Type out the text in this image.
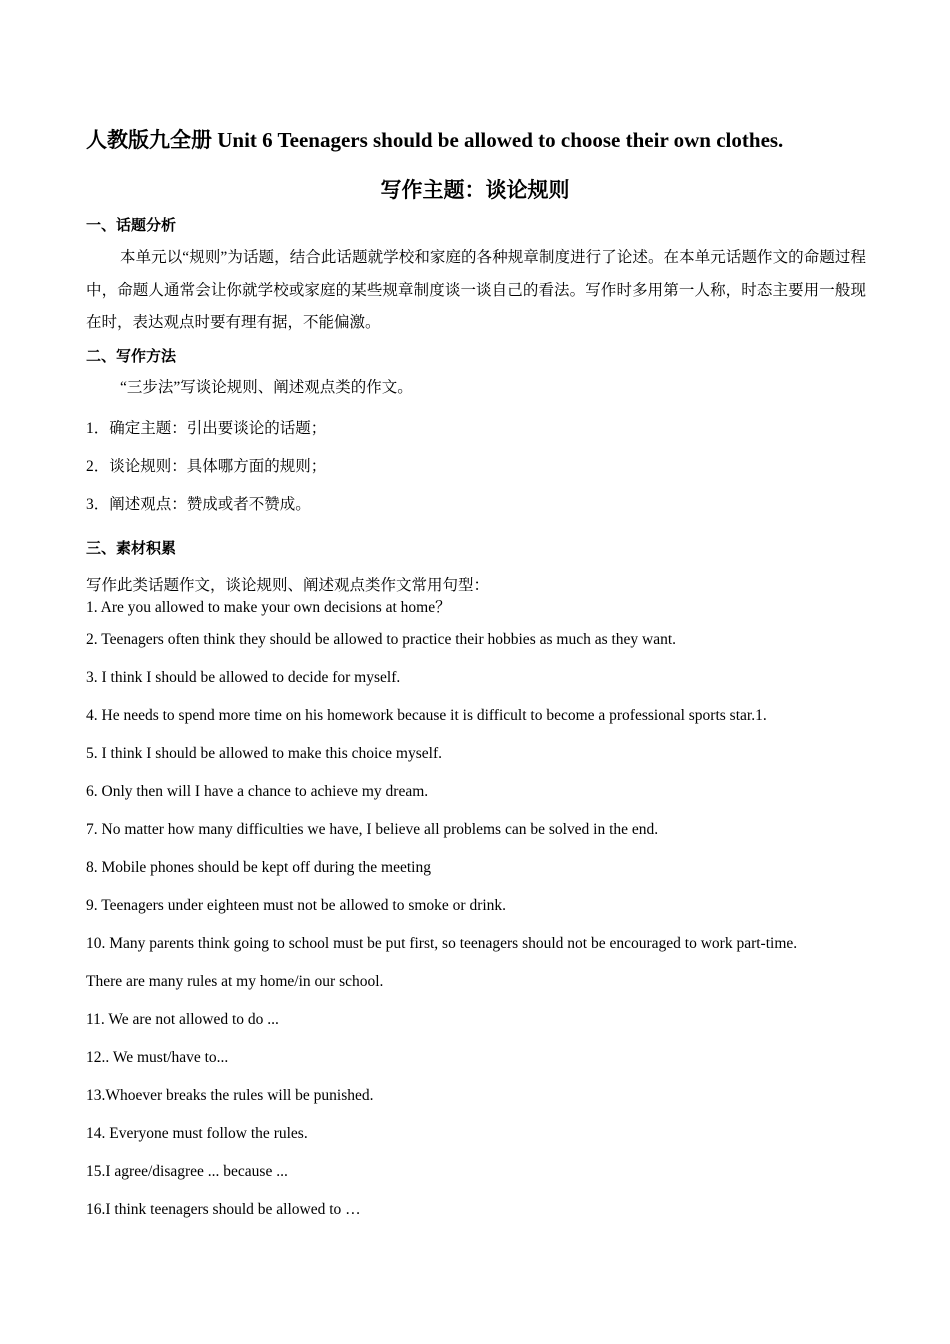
人教版九全册 Unit 6 Teenagers should be allowed to choose their own clothes.
写作主题：谈论规则
一、话题分析
本单元以“规则”为话题，结合此话题就学校和家庭的各种规章制度进行了论述。在本单元话题作文的命题过程中，命题人通常会让你就学校或家庭的某些规章制度谈一谈自己的看法。写作时多用第一人称，时态主要用一般现在时，表达观点时要有理有据，不能偏激。
二、写作方法
“三步法”写谈论规则、阐述观点类的作文。
1．确定主题：引出要谈论的话题；
2．谈论规则：具体哪方面的规则；
3．阐述观点：赞成或者不赞成。
三、素材积累
写作此类话题作文，谈论规则、阐述观点类作文常用句型：
1. Are you allowed to make your own decisions at home？
2. Teenagers often think they should be allowed to practice their hobbies as much as they want.
3. I think I should be allowed to decide for myself.
4. He needs to spend more time on his homework because it is difficult to become a professional sports star.1.
5. I think I should be allowed to make this choice myself.
6. Only then will I have a chance to achieve my dream.
7. No matter how many difficulties we have, I believe all problems can be solved in the end.
8. Mobile phones should be kept off during the meeting
9. Teenagers under eighteen must not be allowed to smoke or drink.
10. Many parents think going to school must be put first, so teenagers should not be encouraged to work part-time.
There are many rules at my home/in our school.
11. We are not allowed to do ...
12.. We must/have to...
13.Whoever breaks the rules will be punished.
14. Everyone must follow the rules.
15.I agree/disagree ... because ...
16.I think teenagers should be allowed to …
